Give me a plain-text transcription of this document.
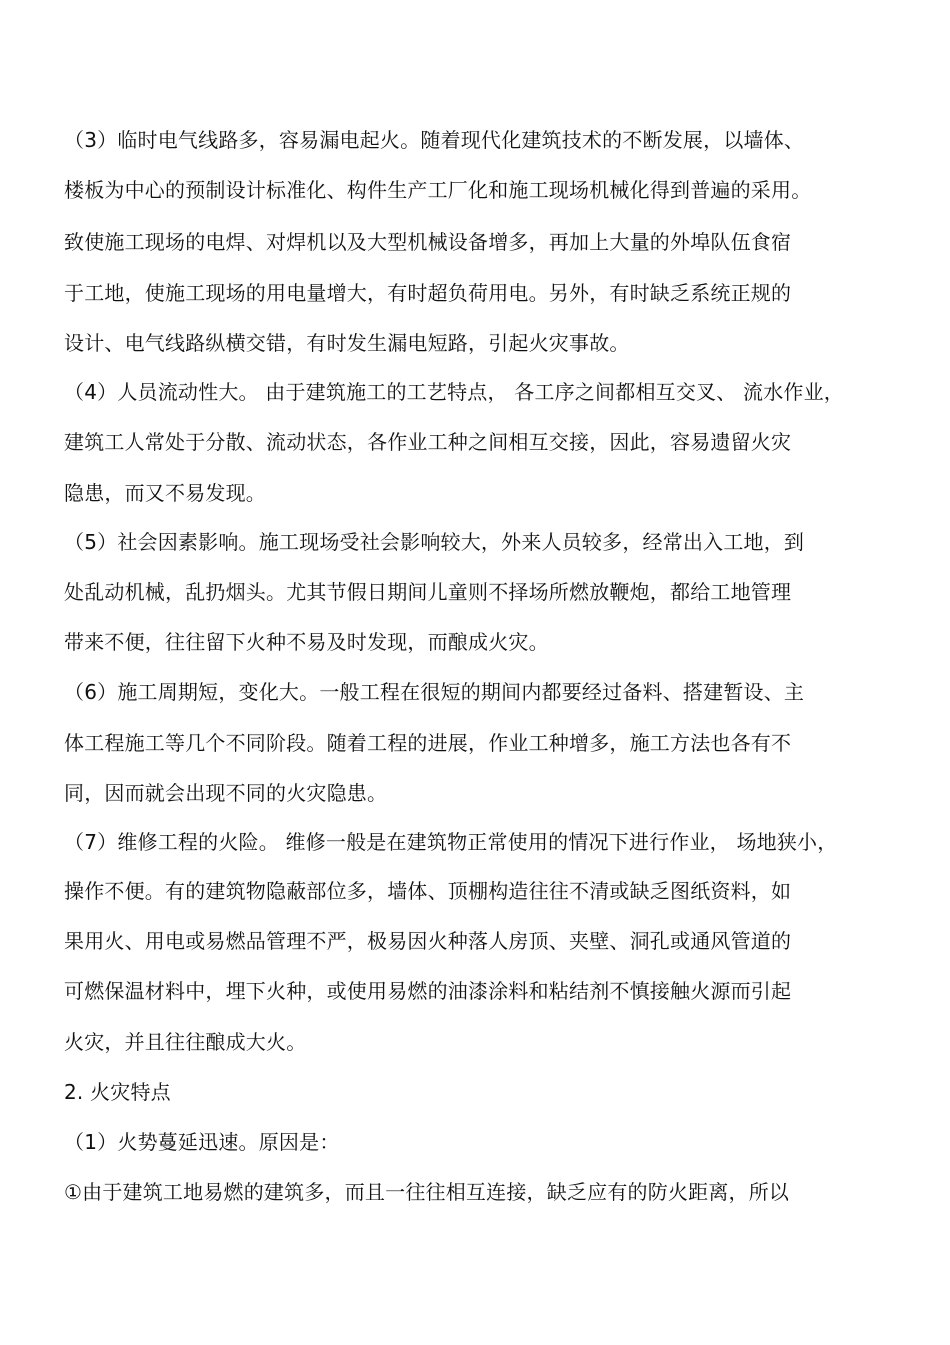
（3）临时电气线路多，容易漏电起火。随着现代化建筑技术的不断发展，以墙体、
楼板为中心的预制设计标准化、构件生产工厂化和施工现场机械化得到普遍的采用。
致使施工现场的电焊、对焊机以及大型机械设备增多，再加上大量的外埠队伍食宿
于工地，使施工现场的用电量增大，有时超负荷用电。另外，有时缺乏系统正规的
设计、电气线路纵横交错，有时发生漏电短路，引起火灾事故。
（4）人员流动性大。 由于建筑施工的工艺特点， 各工序之间都相互交叉、 流水作业，
建筑工人常处于分散、流动状态，各作业工种之间相互交接，因此，容易遗留火灾
隐患，而又不易发现。
（5）社会因素影响。施工现场受社会影响较大，外来人员较多，经常出入工地，到
处乱动机械，乱扔烟头。尤其节假日期间儿童则不择场所燃放鞭炮，都给工地管理
带来不便，往往留下火种不易及时发现，而酿成火灾。
（6）施工周期短，变化大。一般工程在很短的期间内都要经过备料、搭建暂设、主
体工程施工等几个不同阶段。随着工程的进展，作业工种增多，施工方法也各有不
同，因而就会出现不同的火灾隐患。
（7）维修工程的火险。 维修一般是在建筑物正常使用的情况下进行作业， 场地狭小，
操作不便。有的建筑物隐蔽部位多，墙体、顶棚构造往往不清或缺乏图纸资料，如
果用火、用电或易燃品管理不严，极易因火种落人房顶、夹壁、洞孔或通风管道的
可燃保温材料中，埋下火种，或使用易燃的油漆涂料和粘结剂不慎接触火源而引起
火灾，并且往往酿成大火。
2. 火灾特点
（1）火势蔓延迅速。原因是：
①由于建筑工地易燃的建筑多，而且一往往相互连接，缺乏应有的防火距离，所以
